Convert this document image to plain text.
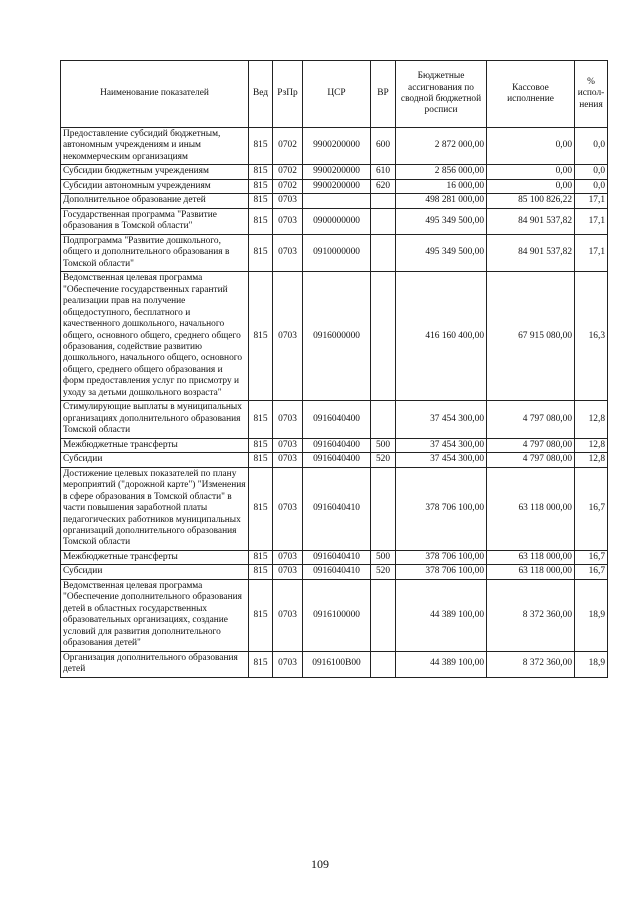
Наименование показателей	Вед	РзПр	ЦСР	ВР	Бюджетные ассигнования по сводной бюджетной росписи	Кассовое исполнение	% испол-нения
Предоставление субсидий бюджетным, автономным учреждениям и иным некоммерческим организациям	815	0702	9900200000	600	2 872 000,00	0,00	0,0
Субсидии бюджетным учреждениям	815	0702	9900200000	610	2 856 000,00	0,00	0,0
Субсидии автономным учреждениям	815	0702	9900200000	620	16 000,00	0,00	0,0
Дополнительное образование детей	815	0703			498 281 000,00	85 100 826,22	17,1
Государственная программа "Развитие образования в Томской области"	815	0703	0900000000		495 349 500,00	84 901 537,82	17,1
Подпрограмма "Развитие дошкольного, общего и дополнительного образования в Томской области"	815	0703	0910000000		495 349 500,00	84 901 537,82	17,1
Ведомственная целевая программа "Обеспечение государственных гарантий реализации прав на получение общедоступного, бесплатного и качественного дошкольного, начального общего, основного общего, среднего общего образования, содействие развитию дошкольного, начального общего, основного общего, среднего общего образования и форм предоставления услуг по присмотру и уходу за детьми дошкольного возраста"	815	0703	0916000000		416 160 400,00	67 915 080,00	16,3
Стимулирующие выплаты в муниципальных организациях дополнительного образования Томской области	815	0703	0916040400		37 454 300,00	4 797 080,00	12,8
Межбюджетные трансферты	815	0703	0916040400	500	37 454 300,00	4 797 080,00	12,8
Субсидии	815	0703	0916040400	520	37 454 300,00	4 797 080,00	12,8
Достижение целевых показателей по плану мероприятий ("дорожной карте") "Изменения в сфере образования в Томской области" в части повышения заработной платы педагогических работников муниципальных организаций дополнительного образования Томской области	815	0703	0916040410		378 706 100,00	63 118 000,00	16,7
Межбюджетные трансферты	815	0703	0916040410	500	378 706 100,00	63 118 000,00	16,7
Субсидии	815	0703	0916040410	520	378 706 100,00	63 118 000,00	16,7
Ведомственная целевая программа "Обеспечение дополнительного образования детей в областных государственных образовательных организациях, создание условий для развития дополнительного образования детей"	815	0703	0916100000		44 389 100,00	8 372 360,00	18,9
Организация дополнительного образования детей	815	0703	0916100В00		44 389 100,00	8 372 360,00	18,9
109
